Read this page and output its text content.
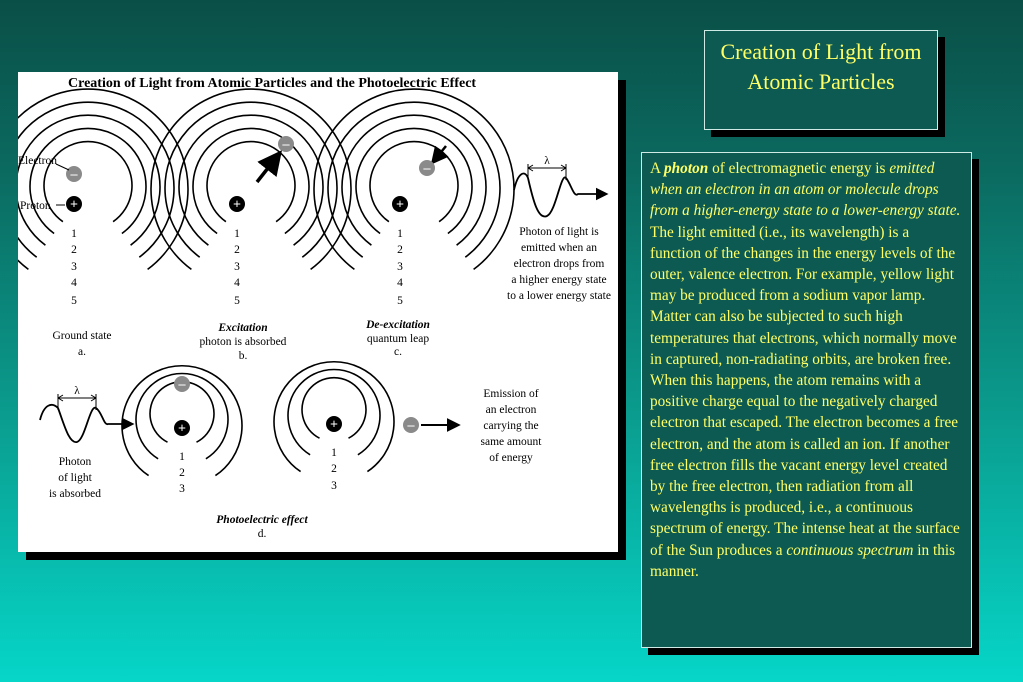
Creation of Light from Atomic Particles and the Photoelectric Effect
+
–
Electron
Proton
1
2
3
4
5
Ground state
a.
+
–
1
2
3
4
5
Excitation
photon is absorbed
b.
+
–
1
2
3
4
5
De-excitation
quantum leap
c.
λ
Photon of light is
emitted when an
electron drops from
a higher energy state
to a lower energy state
λ
Photon
of light
is absorbed
+
–
1
2
3
+
1
2
3
–
Emission of
an electron
carrying the
same amount
of energy
Photoelectric effect
d.
Creation of Light from Atomic Particles

A photon of electromagnetic energy is emitted when an electron in an atom or molecule drops from a higher-energy state to a lower-energy state. The light emitted (i.e., its wavelength) is a function of the changes in the energy levels of the outer, valence electron. For example, yellow light may be produced from a sodium vapor lamp. Matter can also be subjected to such high temperatures that electrons, which normally move in captured, non-radiating orbits, are broken free. When this happens, the atom remains with a positive charge equal to the negatively charged electron that escaped. The electron becomes a free electron, and the atom is called an ion. If another free electron fills the vacant energy level created by the free electron, then radiation from all wavelengths is produced, i.e., a continuous spectrum of energy. The intense heat at the surface of the Sun produces a continuous spectrum in this manner.
